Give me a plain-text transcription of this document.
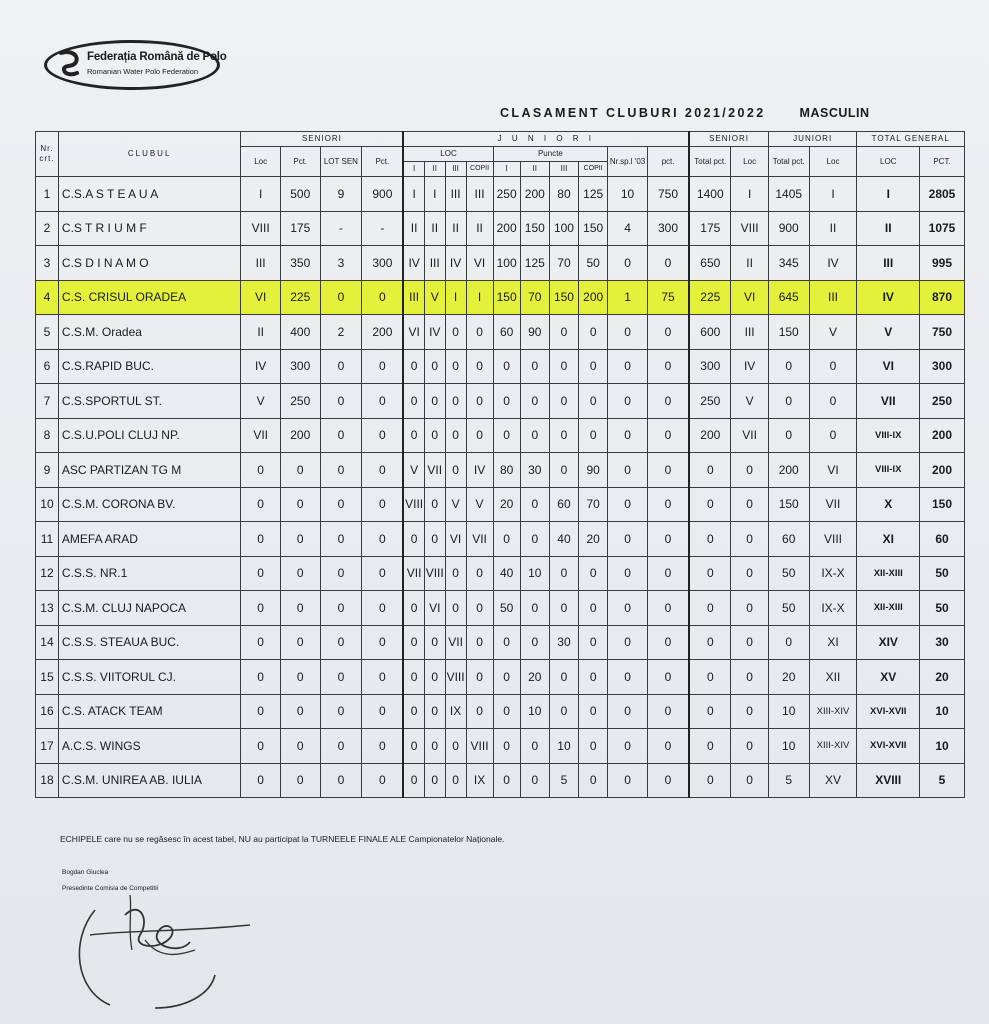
Federația Română de Polo
Romanian Water Polo Federation
CLASAMENT CLUBURI 2021/2022	MASCULIN
Nr. crt.	CLUBUL	SENIORI				J U N I O R I										SENIORI		JUNIORI		TOTAL GENERAL	
		Loc	Pct.	LOT SEN	Pct.	LOC				Puncte				Nr.sp.l '03	pct.	Total pct.	Loc	Total pct.	Loc	LOC	PCT.
						I	II	III	COPII	I	II	III	COPII								
1	C.S.A S T E A U A	I	500	9	900	I	I	III	III	250	200	80	125	10	750	1400	I	1405	I	I	2805
2	C.S T R I U M F	VIII	175	-	-	II	II	II	II	200	150	100	150	4	300	175	VIII	900	II	II	1075
3	C.S D I N A M O	III	350	3	300	IV	III	IV	VI	100	125	70	50	0	0	650	II	345	IV	III	995
4	C.S. CRISUL ORADEA	VI	225	0	0	III	V	I	I	150	70	150	200	1	75	225	VI	645	III	IV	870
5	C.S.M. Oradea	II	400	2	200	VI	IV	0	0	60	90	0	0	0	0	600	III	150	V	V	750
6	C.S.RAPID BUC.	IV	300	0	0	0	0	0	0	0	0	0	0	0	0	300	IV	0	0	VI	300
7	C.S.SPORTUL ST.	V	250	0	0	0	0	0	0	0	0	0	0	0	0	250	V	0	0	VII	250
8	C.S.U.POLI CLUJ NP.	VII	200	0	0	0	0	0	0	0	0	0	0	0	0	200	VII	0	0	VIII-IX	200
9	ASC PARTIZAN TG M	0	0	0	0	V	VII	0	IV	80	30	0	90	0	0	0	0	200	VI	VIII-IX	200
10	C.S.M. CORONA BV.	0	0	0	0	VIII	0	V	V	20	0	60	70	0	0	0	0	150	VII	X	150
11	AMEFA ARAD	0	0	0	0	0	0	VI	VII	0	0	40	20	0	0	0	0	60	VIII	XI	60
12	C.S.S. NR.1	0	0	0	0	VII	VIII	0	0	40	10	0	0	0	0	0	0	50	IX-X	XII-XIII	50
13	C.S.M. CLUJ NAPOCA	0	0	0	0	0	VI	0	0	50	0	0	0	0	0	0	0	50	IX-X	XII-XIII	50
14	C.S.S. STEAUA BUC.	0	0	0	0	0	0	VII	0	0	0	30	0	0	0	0	0	0	XI	XIV	30
15	C.S.S. VIITORUL CJ.	0	0	0	0	0	0	VIII	0	0	20	0	0	0	0	0	0	20	XII	XV	20
16	C.S. ATACK TEAM	0	0	0	0	0	0	IX	0	0	10	0	0	0	0	0	0	10	XIII-XIV	XVI-XVII	10
17	A.C.S. WINGS	0	0	0	0	0	0	0	VIII	0	0	10	0	0	0	0	0	10	XIII-XIV	XVI-XVII	10
18	C.S.M. UNIREA AB. IULIA	0	0	0	0	0	0	0	IX	0	0	5	0	0	0	0	0	5	XV	XVIII	5
ECHIPELE care nu se regăsesc în acest tabel, NU au participat la TURNEELE FINALE ALE Campionatelor Naționale.
Bogdan Giuclea
Presedinte Comisia de Competitii
